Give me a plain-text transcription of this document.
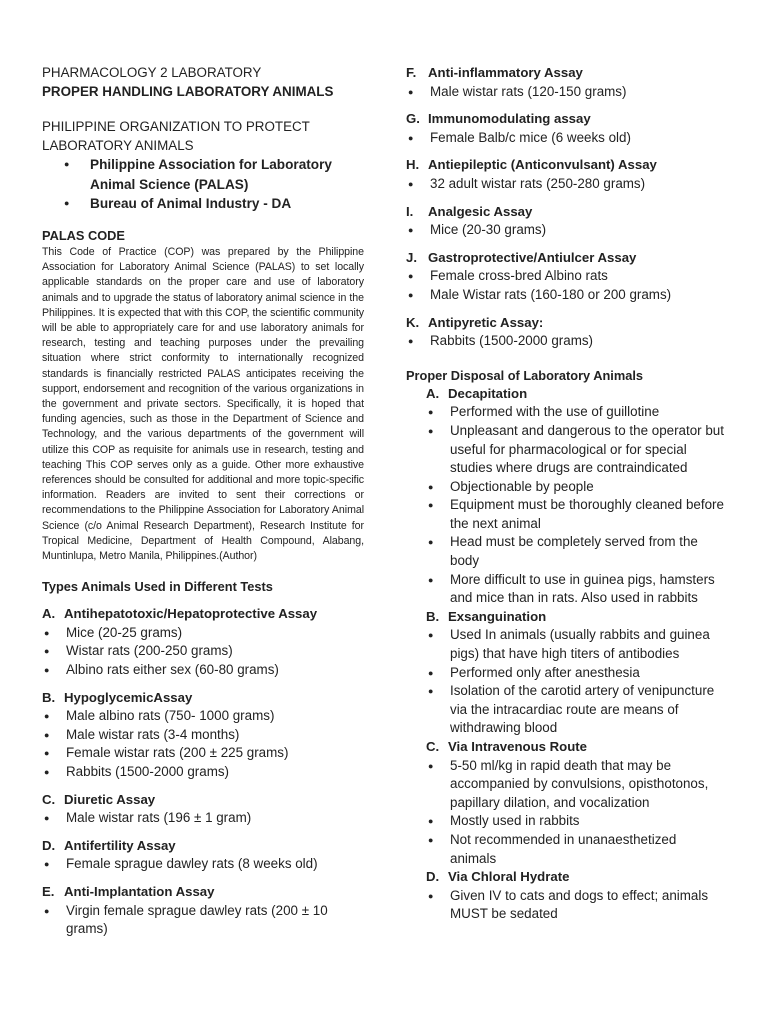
PHARMACOLOGY 2 LABORATORY
PROPER HANDLING LABORATORY ANIMALS
PHILIPPINE ORGANIZATION TO PROTECT LABORATORY ANIMALS
●	Philippine Association for Laboratory Animal Science (PALAS)
●	Bureau of Animal Industry - DA
PALAS CODE

This Code of Practice (COP) was prepared by the Philippine Association for Laboratory Animal Science (PALAS) to set locally applicable standards on the proper care and use of laboratory animals and to upgrade the status of laboratory animal science in the Philippines. It is expected that with this COP, the scientific community will be able to appropriately care for and use laboratory animals for research, testing and teaching purposes under the prevailing situation where strict conformity to internationally recognized standards is financially restricted PALAS anticipates receiving the support, endorsement and recognition of the various organizations in the government and private sectors. Specifically, it is hoped that funding agencies, such as those in the Department of Science and Technology, and the various departments of the government will utilize this COP as requisite for animals use in research, testing and teaching This COP serves only as a guide. Other more exhaustive references should be consulted for additional and more topic-specific information. Readers are invited to sent their corrections or recommendations to the Philippine Association for Laboratory Animal Science (c/o Animal Research Department), Research Institute for Tropical Medicine, Department of Health Compound, Alabang, Muntinlupa, Metro Manila, Philippines.(Author)

Types Animals Used in Different Tests
A. Antihepatotoxic/Hepatoprotective Assay
●	Mice (20-25 grams)
●	Wistar rats (200-250 grams)
●	Albino rats either sex (60-80 grams)
B. HypoglycemicAssay
●	Male albino rats (750- 1000 grams)
●	Male wistar rats (3-4 months)
●	Female wistar rats (200 ± 225 grams)
●	Rabbits (1500-2000 grams)
C. Diuretic Assay
●	Male wistar rats (196 ± 1 gram)
D. Antifertility Assay
●	Female sprague dawley rats (8 weeks old)
E. Anti-Implantation Assay
●	Virgin female sprague dawley rats (200 ± 10 grams)
F. Anti-inflammatory Assay
●	Male wistar rats (120-150 grams)
G. Immunomodulating assay
●	Female Balb/c mice (6 weeks old)
H. Antiepileptic (Anticonvulsant) Assay
●	32 adult wistar rats (250-280 grams)
I.	Analgesic Assay
●	Mice (20-30 grams)
J. Gastroprotective/Antiulcer Assay
●	Female cross-bred Albino rats
●	Male Wistar rats (160-180 or 200 grams)
K. Antipyretic Assay:
●	Rabbits (1500-2000 grams)
Proper Disposal of Laboratory Animals
A. Decapitation
●	Performed with the use of guillotine
●	Unpleasant and dangerous to the operator but useful for pharmacological or for special studies where drugs are contraindicated
●	Objectionable by people
●	Equipment must be thoroughly cleaned before the next animal
●	Head must be completely served from the body
●	More difficult to use in guinea pigs, hamsters and mice than in rats. Also used in rabbits
B. Exsanguination
●	Used In animals (usually rabbits and guinea pigs) that have high titers of antibodies
●	Performed only after anesthesia
●	Isolation of the carotid artery of venipuncture via the intracardiac route are means of withdrawing blood
C. Via Intravenous Route
●	5-50 ml/kg in rapid death that may be accompanied by convulsions, opisthotonos, papillary dilation, and vocalization
●	Mostly used in rabbits
●	Not recommended in unanaesthetized animals
D. Via Chloral Hydrate
●	Given IV to cats and dogs to effect; animals MUST be sedated
